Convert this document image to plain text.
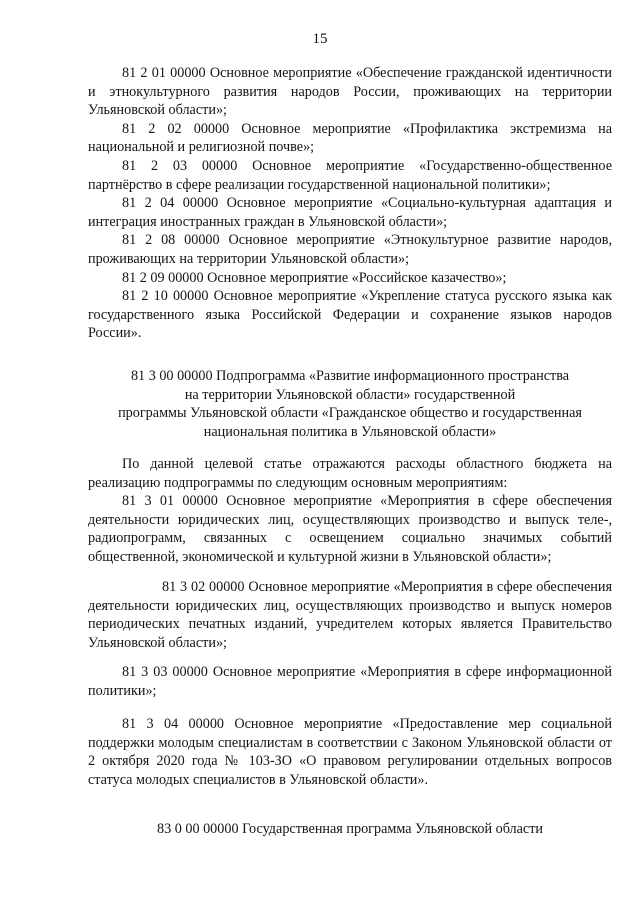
15

81 2 01 00000 Основное мероприятие «Обеспечение гражданской идентичности и этнокультурного развития народов России, проживающих на территории Ульяновской области»;

81 2 02 00000 Основное мероприятие «Профилактика экстремизма на национальной и религиозной почве»;

81 2 03 00000 Основное мероприятие «Государственно-общественное партнёрство в сфере реализации государственной национальной политики»;

81 2 04 00000 Основное мероприятие «Социально-культурная адаптация и интеграция иностранных граждан в Ульяновской области»;

81 2 08 00000 Основное мероприятие «Этнокультурное развитие народов, проживающих на территории Ульяновской области»;

81 2 09 00000 Основное мероприятие «Российское казачество»;

81 2 10 00000 Основное мероприятие «Укрепление статуса русского языка как государственного языка Российской Федерации и сохранение языков народов России».

81 3 00 00000 Подпрограмма «Развитие информационного пространства
на территории Ульяновской области» государственной
программы Ульяновской области «Гражданское общество и государственная
национальная политика в Ульяновской области»

По данной целевой статье отражаются расходы областного бюджета на реализацию подпрограммы по следующим основным мероприятиям:

81 3 01 00000 Основное мероприятие «Мероприятия в сфере обеспечения деятельности юридических лиц, осуществляющих производство и выпуск теле-, радиопрограмм, связанных с освещением социально значимых событий общественной, экономической и культурной жизни в Ульяновской области»;

81 3 02 00000 Основное мероприятие «Мероприятия в сфере обеспечения деятельности юридических лиц, осуществляющих производство и выпуск номеров периодических печатных изданий, учредителем которых является Правительство Ульяновской области»;

81 3 03 00000 Основное мероприятие «Мероприятия в сфере информационной политики»;

81 3 04 00000 Основное мероприятие «Предоставление мер социальной поддержки молодым специалистам в соответствии с Законом Ульяновской области от 2 октября 2020 года № 103-ЗО «О правовом регулировании отдельных вопросов статуса молодых специалистов в Ульяновской области».

83 0 00 00000 Государственная программа Ульяновской области
